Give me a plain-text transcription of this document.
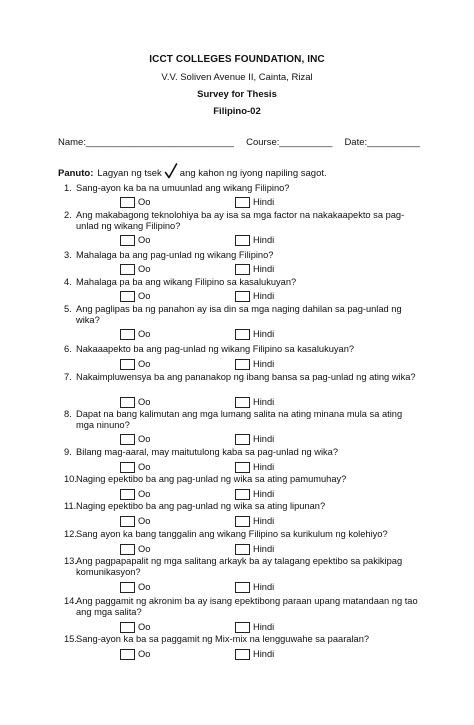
ICCT COLLEGES FOUNDATION, INC
V.V. Soliven Avenue II, Cainta, Rizal
Survey for Thesis
Filipino-02
Name:____________________________ Course:__________ Date:__________
Panuto: Lagyan ng tsek ang kahon ng iyong napiling sagot.
1. Sang-ayon ka ba na umuunlad ang wikang Filipino?
Oo	Hindi
2. Ang makabagong teknolohiya ba ay isa sa mga factor na nakakaapekto sa pag-unlad ng wikang Filipino?
Oo	Hindi
3. Mahalaga ba ang pag-unlad ng wikang Filipino?
Oo	Hindi
4. Mahalaga pa ba ang wikang Filipino sa kasalukuyan?
Oo	Hindi
5. Ang paglipas ba ng panahon ay isa din sa mga naging dahilan sa pag-unlad ng wika?
Oo	Hindi
6. Nakaaapekto ba ang pag-unlad ng wikang Filipino sa kasalukuyan?
Oo	Hindi
7. Nakaimpluwensya ba ang pananakop ng ibang bansa sa pag-unlad ng ating wika?
Oo	Hindi
8. Dapat na bang kalimutan ang mga lumang salita na ating minana mula sa ating mga ninuno?
Oo	Hindi
9. Bilang mag-aaral, may maitutulong kaba sa pag-unlad ng wika?
Oo	Hindi
10. Naging epektibo ba ang pag-unlad ng wika sa ating pamumuhay?
Oo	Hindi
11. Naging epektibo ba ang pag-unlad ng wika sa ating lipunan?
Oo	Hindi
12. Sang ayon ka bang tanggalin ang wikang Filipino sa kurikulum ng kolehiyo?
Oo	Hindi
13. Ang pagpapapalit ng mga salitang arkayk ba ay talagang epektibo sa pakikipag komunikasyon?
Oo	Hindi
14. Ang paggamit ng akronim ba ay isang epektibong paraan upang matandaan ng tao ang mga salita?
Oo	Hindi
15. Sang-ayon ka ba sa paggamit ng Mix-mix na lengguwahe sa paaralan?
Oo	Hindi
